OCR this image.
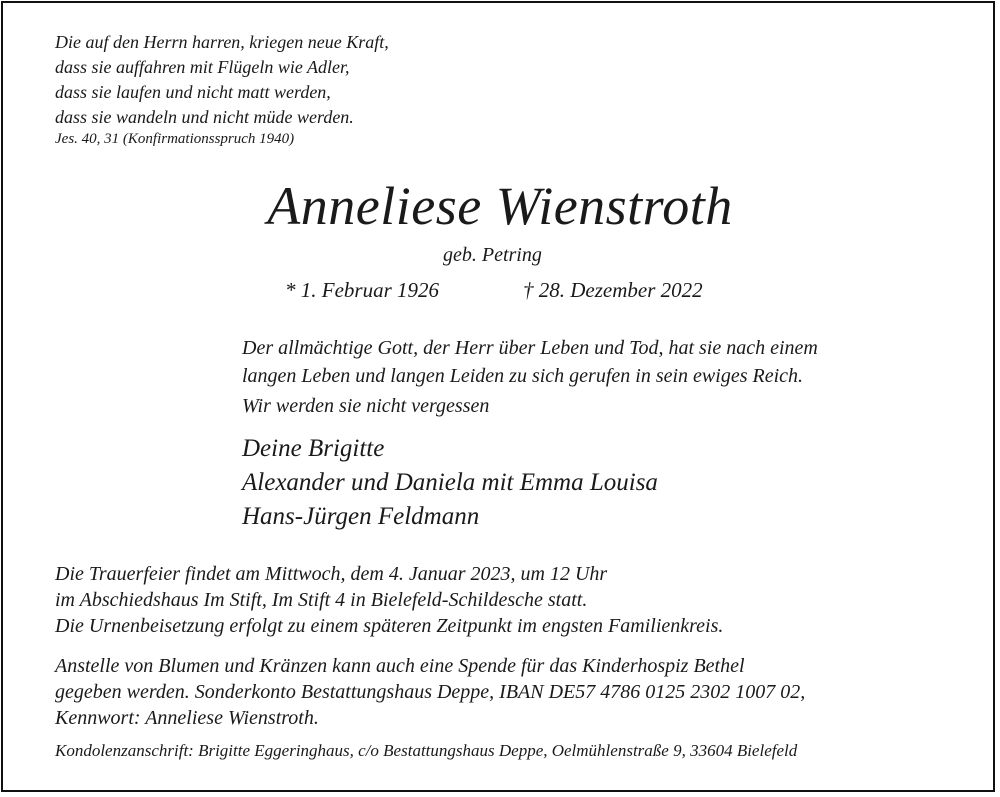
Die auf den Herrn harren, kriegen neue Kraft,
dass sie auffahren mit Flügeln wie Adler,
dass sie laufen und nicht matt werden,
dass sie wandeln und nicht müde werden.
Jes. 40, 31 (Konfirmationsspruch 1940)
Anneliese Wienstroth
geb. Petring
* 1. Februar 1926	† 28. Dezember 2022
Der allmächtige Gott, der Herr über Leben und Tod, hat sie nach einem
langen Leben und langen Leiden zu sich gerufen in sein ewiges Reich.
Wir werden sie nicht vergessen
Deine Brigitte
Alexander und Daniela mit Emma Louisa
Hans-Jürgen Feldmann
Die Trauerfeier findet am Mittwoch, dem 4. Januar 2023, um 12 Uhr
im Abschiedshaus Im Stift, Im Stift 4 in Bielefeld-Schildesche statt.
Die Urnenbeisetzung erfolgt zu einem späteren Zeitpunkt im engsten Familienkreis.
Anstelle von Blumen und Kränzen kann auch eine Spende für das Kinderhospiz Bethel
gegeben werden. Sonderkonto Bestattungshaus Deppe, IBAN DE57 4786 0125 2302 1007 02,
Kennwort: Anneliese Wienstroth.
Kondolenzanschrift: Brigitte Eggeringhaus, c/o Bestattungshaus Deppe, Oelmühlenstraße 9, 33604 Bielefeld
